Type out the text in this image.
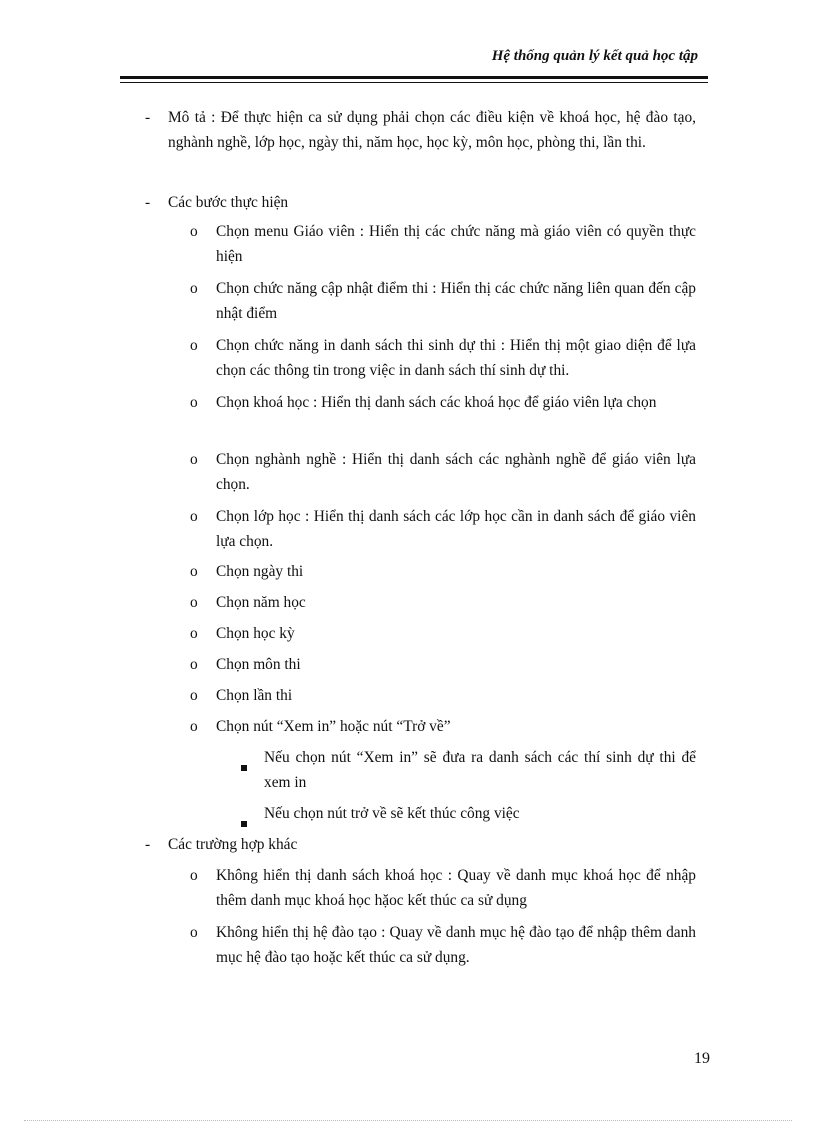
Hệ thống quản lý kết quả học tập
- Mô tả : Để thực hiện ca sử dụng phải chọn các điều kiện về khoá học, hệ đào tạo, nghành nghề, lớp học, ngày thi, năm học, học kỳ, môn học, phòng thi, lần thi.
- Các bước thực hiện
o Chọn menu Giáo viên : Hiển thị các chức năng mà giáo viên có quyền thực hiện
o Chọn chức năng cập nhật điểm thi : Hiển thị các chức năng liên quan đến cập nhật điểm
o Chọn chức năng in danh sách thi sinh dự thi : Hiển thị một giao diện để lựa chọn các thông tin trong việc in danh sách thí sinh dự thi.
o Chọn khoá học : Hiển thị danh sách các khoá học để giáo viên lựa chọn
o Chọn nghành nghề : Hiển thị danh sách các nghành nghề để giáo viên lựa chọn.
o Chọn lớp học : Hiển thị danh sách các lớp học cần in danh sách để giáo viên lựa chọn.
o Chọn ngày thi
o Chọn năm học
o Chọn học kỳ
o Chọn môn thi
o Chọn lần thi
o Chọn nút “Xem in” hoặc nút “Trở về”
Nếu chọn nút “Xem in” sẽ đưa ra danh sách các thí sinh dự thi để xem in
Nếu chọn nút trở về sẽ kết thúc công việc
- Các trường hợp khác
o Không hiển thị danh sách khoá học : Quay về danh mục khoá học để nhập thêm danh mục khoá học hặoc kết thúc ca sử dụng
o Không hiển thị hệ đào tạo : Quay về danh mục hệ đào tạo để nhập thêm danh mục hệ đào tạo hoặc kết thúc ca sử dụng.
19
